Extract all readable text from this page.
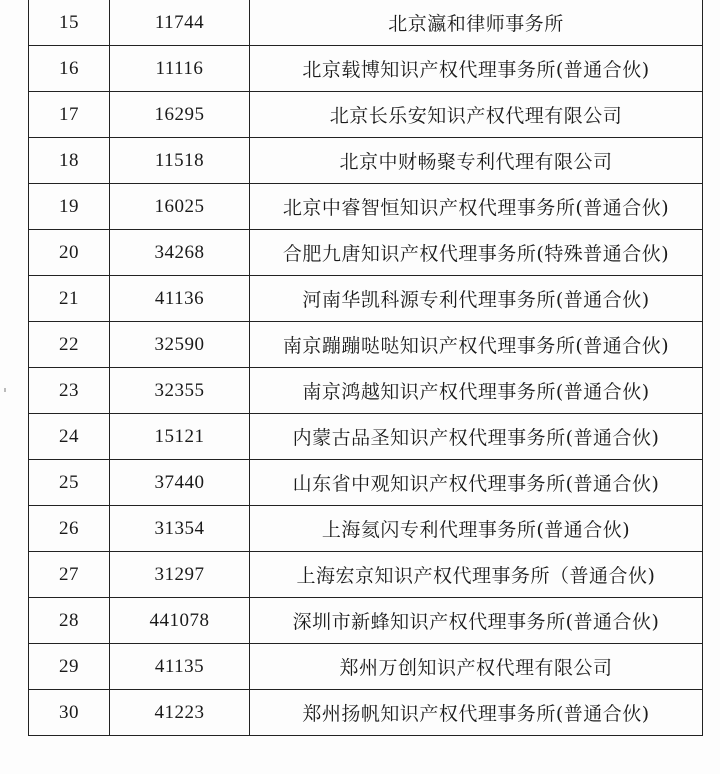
15	11744	北京瀛和律师事务所
16	11116	北京载博知识产权代理事务所(普通合伙)
17	16295	北京长乐安知识产权代理有限公司
18	11518	北京中财畅聚专利代理有限公司
19	16025	北京中睿智恒知识产权代理事务所(普通合伙)
20	34268	合肥九唐知识产权代理事务所(特殊普通合伙)
21	41136	河南华凯科源专利代理事务所(普通合伙)
22	32590	南京蹦蹦哒哒知识产权代理事务所(普通合伙)
23	32355	南京鸿越知识产权代理事务所(普通合伙)
24	15121	内蒙古品圣知识产权代理事务所(普通合伙)
25	37440	山东省中观知识产权代理事务所(普通合伙)
26	31354	上海氦闪专利代理事务所(普通合伙)
27	31297	上海宏京知识产权代理事务所（普通合伙)
28	441078	深圳市新蜂知识产权代理事务所(普通合伙)
29	41135	郑州万创知识产权代理有限公司
30	41223	郑州扬帆知识产权代理事务所(普通合伙)
